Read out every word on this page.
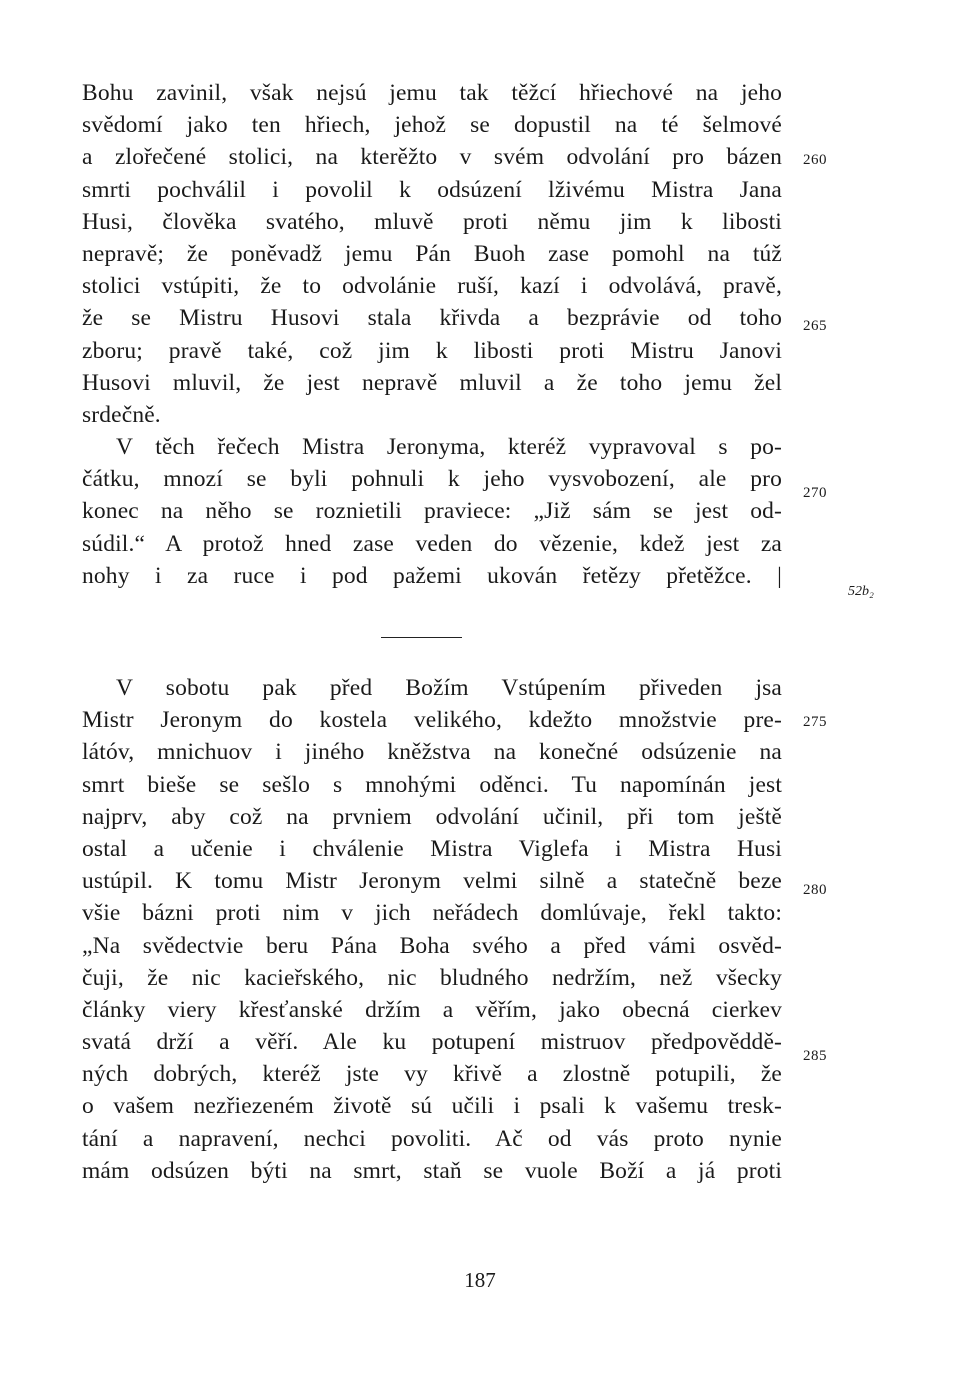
Bohu zavinil, však nejsú jemu tak těžcí hřiechové na jeho
svědomí jako ten hřiech, jehož se dopustil na té šelmové
a zlořečené stolici, na kterěžto v svém odvolání pro bázen
smrti pochválil i povolil k odsúzení lživému Mistra Jana
Husi, člověka svatého, mluvě proti němu jim k libosti
nepravě; že poněvadž jemu Pán Buoh zase pomohl na túž
stolici vstúpiti, že to odvolánie ruší, kazí i odvolává, pravě,
že se Mistru Husovi stala křivda a bezprávie od toho
zboru; pravě také, což jim k libosti proti Mistru Janovi
Husovi mluvil, že jest nepravě mluvil a že toho jemu žel
srdečně.
V těch řečech Mistra Jeronyma, kteréž vypravoval s po-
čátku, mnozí se byli pohnuli k jeho vysvobození, ale pro
konec na něho se roznietili praviece: „Již sám se jest od-
súdil.“ A protož hned zase veden do vězenie, kdež jest za
nohy i za ruce i pod pažemi ukován řetězy přetěžce. |
V sobotu pak před Božím Vstúpením přiveden jsa
Mistr Jeronym do kostela velikého, kdežto množstvie pre-
látóv, mnichuov i jiného kněžstva na konečné odsúzenie na
smrt bieše se sešlo s mnohými oděnci. Tu napomínán jest
najprv, aby což na prvniem odvolání učinil, při tom ještě
ostal a učenie i chválenie Mistra Viglefa i Mistra Husi
ustúpil. K tomu Mistr Jeronym velmi silně a statečně beze
všie bázni proti nim v jich neřádech domlúvaje, řekl takto:
„Na svědectvie beru Pána Boha svého a před vámi osvěd-
čuji, že nic kacieřského, nic bludného nedržím, než všecky
články viery křesťanské držím a věřím, jako obecná cierkev
svatá drží a věří. Ale ku potupení mistruov předpověddě-
ných dobrých, kteréž jste vy křivě a zlostně potupili, že
o vašem nezřiezeném životě sú učili i psali k vašemu tresk-
tání a napravení, nechci povoliti. Ač od vás proto nynie
mám odsúzen býti na smrt, staň se vuole Boží a já proti
260
265
270
275
280
285
52b₂
187
